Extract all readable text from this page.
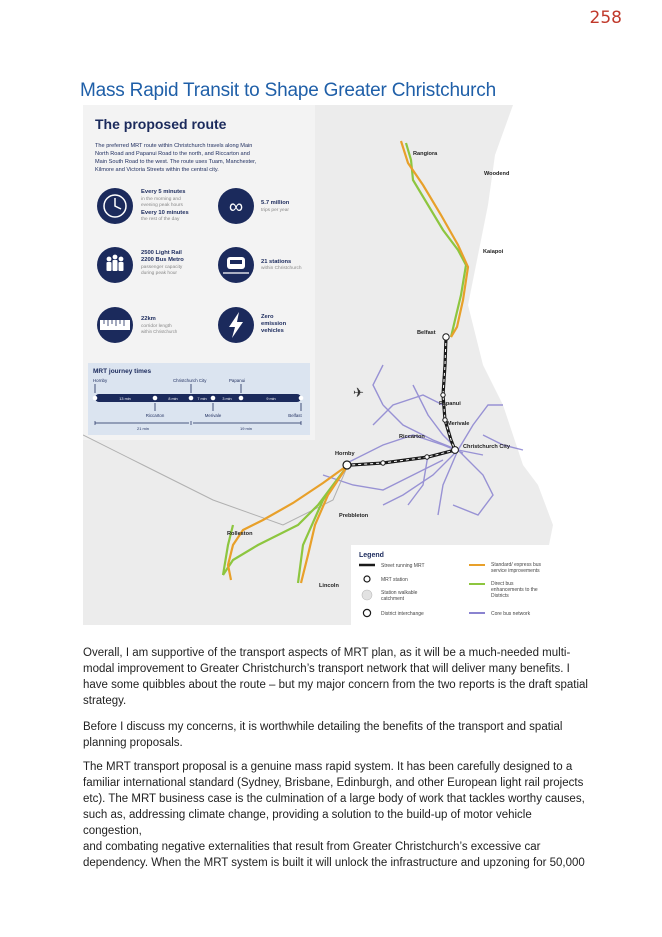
258
Mass Rapid Transit to Shape Greater Christchurch
✈
Rangiora
Woodend
Kaiapoi
Belfast
Papanui
Merivale
Riccarton
Christchurch City
Hornby
Prebbleton
Rolleston
Lincoln
The proposed route
The preferred MRT route within Christchurch travels along Main
North Road and Papanui Road to the north, and Riccarton and
Main South Road to the west. The route uses Tuam, Manchester,
Kilmore and Victoria Streets within the central city.
Every 5 minutes
in the morning and
evening peak hours
Every 10 minutes
the rest of the day
∞	5.7 million
trips per year
2500 Light Rail
2200 Bus Metro
passenger capacity
during peak hour
21 stations
within Christchurch
22km
corridor length
within Christchurch
Zero
emission
vehicles
MRT journey times
Hornby	Christchurch City	Papanui
13 min	8 min	7 min	3 min	9 min
Riccarton	Merivale	Belfast
21 min	19 min
Legend
Street running MRT
MRT station
Station walkable
catchment
District interchange
Standard/ express bus
service improvements
Direct bus
enhancements to the
Districts
Core bus network
Overall, I am supportive of the transport aspects of MRT plan, as it will be a much-needed multi-
modal improvement to Greater Christchurch’s transport network that will deliver many benefits. I
have some quibbles about the route – but my major concern from the two reports is the draft spatial
strategy.
Before I discuss my concerns, it is worthwhile detailing the benefits of the transport and spatial
planning proposals.
The MRT transport proposal is a genuine mass rapid system. It has been carefully designed to a
familiar international standard (Sydney, Brisbane, Edinburgh, and other European light rail projects
etc). The MRT business case is the culmination of a large body of work that tackles worthy causes,
such as, addressing climate change, providing a solution to the build-up of motor vehicle congestion,
and combating negative externalities that result from Greater Christchurch’s excessive car
dependency. When the MRT system is built it will unlock the infrastructure and upzoning for 50,000
